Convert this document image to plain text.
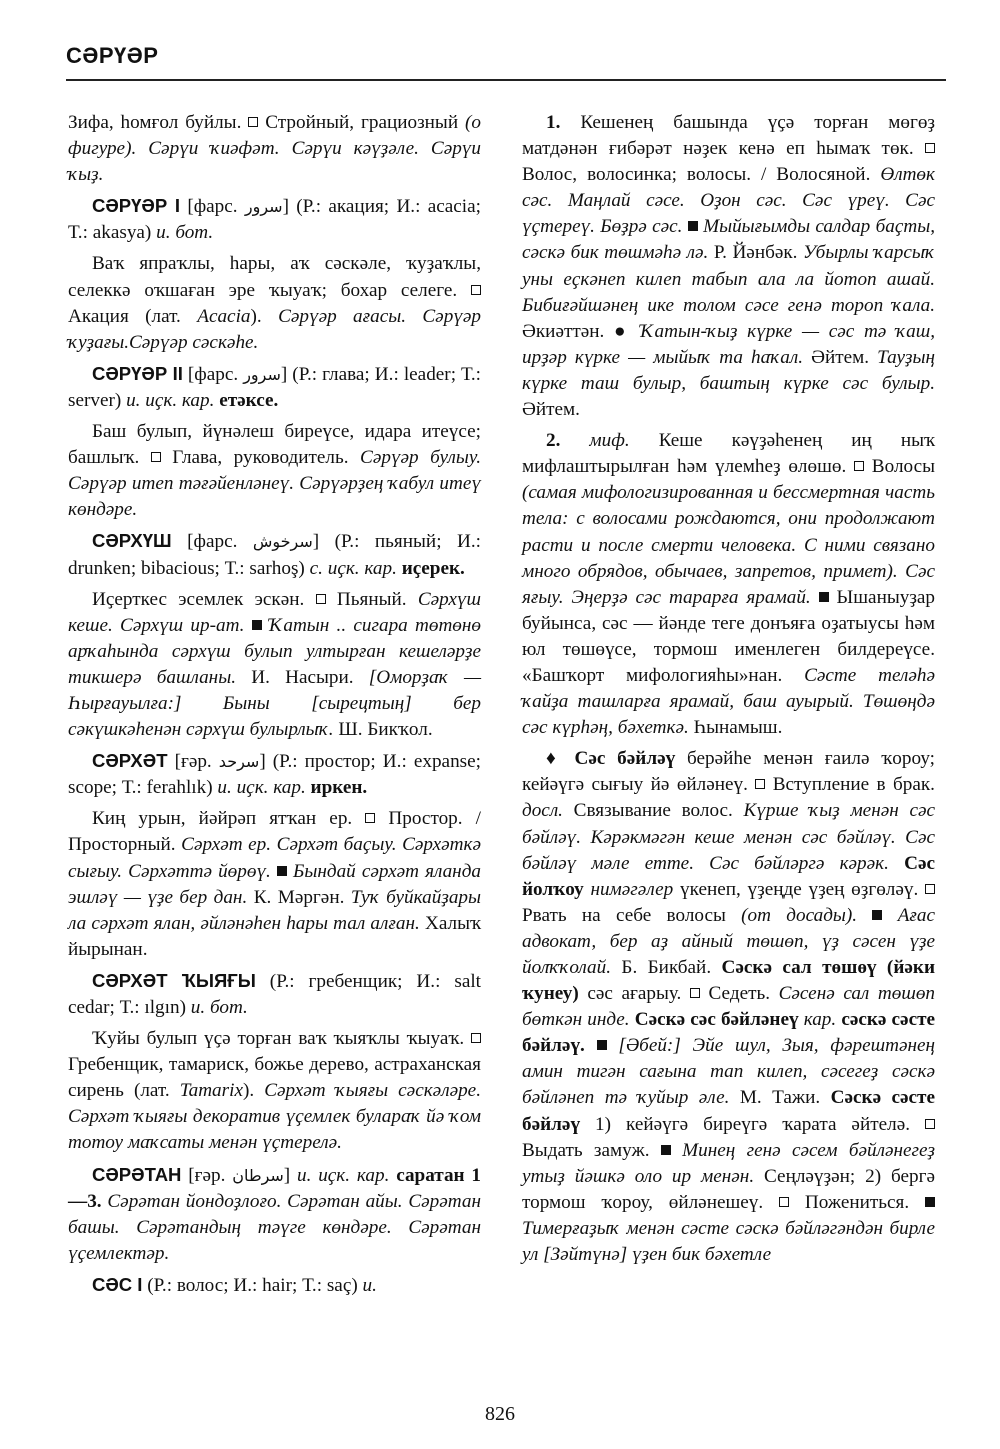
СӘРҮӘР

Зифа, һомғол буйлы.  Стройный, грациозный (о фигуре). Сәрүи ҡиәфәт. Сәрүи кәүҙәле. Сәрүи ҡыҙ.

СӘРҮӘР I [фарс. سرور] (Р.: акация; И.: acacia; Т.: akasya) и. бот.

Ваҡ япраҡлы, һары, аҡ сәскәле, ҡуҙаҡлы, селеккә оҡшаған эре ҡыуаҡ; бохар селеге.  Акация (лат. Acacia). Сәрүәр ағасы. Сәрүәр ҡуҙағы.Сәрүәр сәскәһе.

СӘРҮӘР II [фарс. سرور] (Р.: глава; И.: leader; Т.: server) и. иҫк. кар. етәксе.

Баш булып, йүнәлеш биреүсе, идара итеүсе; башлыҡ.  Глава, руководитель. Сәрүәр булыу. Сәрүәр итеп тәғәйенләнеү. Сәрүәрҙең ҡабул итеү көндәре.

СӘРХҮШ [фарс. سرخوش] (Р.: пьяный; И.: drunken; bibacious; Т.: sarhoş) с. иҫк. кар. иҫерек.

Иҫерткес эсемлек эскән.  Пьяный. Сәрхүш кеше. Сәрхүш ир-ат. Ҡатын .. сигара төтөнө арҡаһында сәрхүш булып ултырған кешеләрҙе тикшерә башланы. И. Насыри. [Оморҙаҡ — Һырғауылға:] Быны [сырецтың] бер сәкүшкәһенән сәрхүш булырлыҡ. Ш. Бикҡол.

СӘРХӘТ [ғәр. سرحد] (Р.: простор; И.: expanse; scope; Т.: ferahlık) и. иҫк. кар. иркен.

Киң урын, йәйрәп ятҡан ер.  Простор. / Просторный. Сәрхәт ер. Сәрхәт баҫыу. Сәрхәткә сығыу. Сәрхәттә йөрөү. Бындай сәрхәт яланда эшләү — үҙе бер дан. К. Мәргән. Туҡ буйкайҙары ла сәрхәт ялан, әйләнәһен һары тал алған. Халыҡ йырынан.

СӘРХӘТ ҠЫЯҒЫ (Р.: гребенщик; И.: salt cedar; Т.: ılgın) и. бот.

Ҡуйы булып үҫә торған ваҡ ҡыяҡлы ҡыуаҡ.  Гребенщик, тамариск, божье дерево, астраханская сирень (лат. Tamarix). Сәрхәт ҡыяғы сәскәләре. Сәрхәт ҡыяғы декоратив үҫемлек булараҡ йә ҡом тотоу маҡсаты менән үҫтерелә.

СӘРӘТАН [ғәр. سرطان] и. иҫк. кар. саратан 1—3. Сәрәтан йондоҙлоғо. Сәрәтан айы. Сәрәтан башы. Сәрәтандың тәүге көндәре. Сәрәтан үҫемлектәр.

СӘС I (Р.: волос; И.: hair; Т.: saç) и.

1. Кешенең башында үҫә торған мөгөҙ матдәнән ғибәрәт нәҙек кенә еп һымаҡ төк.  Волос, волосинка; волосы. / Волосяной. Өлтөк сәс. Маңлай сәсе. Оҙон сәс. Сәс үреү. Сәс үҫтереү. Бөҙрә сәс. Мыйығымды салдар баҫты, сәскә бик төшмәһә лә. Р. Йәнбәк. Убырлы ҡарсыҡ уны еҫкәнеп килеп табып ала ла йотоп ашай. Бибиғәйшәнең ике толом сәсе генә тороп ҡала. Әкиәттән. ● Ҡатын-ҡыҙ күрке — сәс тә ҡаш, ирҙәр күрке — мыйыҡ та һаҡал. Әйтем. Тауҙың күрке таш булыр, баштың күрке сәс булыр. Әйтем.

2. миф. Кеше кәүҙәһенең иң ныҡ мифлаштырылған һәм үлемһеҙ өлөшө.  Волосы (самая мифологизированная и бессмертная часть тела: с волосами рождаются, они продолжают расти и после смерти человека. С ними связано много обрядов, обычаев, запретов, примет). Сәс яғыу. Эңерҙә сәс тарарға ярамай.  Ышаныуҙар буйынса, сәс — йәнде теге донъяға оҙатыусы һәм юл төшөүсе, тормош именлеген билдереүсе. «Башҡорт мифологияһы»нан. Сәсте теләһә ҡайҙа ташларға ярамай, баш ауырый. Төшөңдә сәс күрһәң, бәхеткә. Һынамыш.

♦ Сәс бәйләү берәйһе менән ғаилә ҡороу; кейәүгә сығыу йә өйләнеү.  Вступление в брак. досл. Связывание волос. Күрше ҡыҙ менән сәс бәйләү. Кәрәкмәгән кеше менән сәс бәйләү. Сәс бәйләү мәле етте. Сәс бәйләргә кәрәк. Сәс йолҡоу нимәгәлер үкенеп, үҙеңде үҙең өҙгөләү.  Рвать на себе волосы (от досады). Ағас адвокат, бер аҙ айный төшөп, үҙ сәсен үҙе йолҡҡолай. Б. Бикбай. Сәскә сал төшөү (йәки ҡунеу) сәс ағарыу.  Седеть. Сәсенә сал төшөп бөткән инде. Сәскә сәс бәйләнеү кар. сәскә сәсте бәйләү. [Әбей:] Эйе шул, Зыя, фәрештәнең амин тигән сағына тап килеп, сәсегеҙ сәскә бәйләнеп тә ҡуйыр әле. М. Тажи. Сәскә сәсте бәйләү 1) кейәүгә биреүгә ҡарата әйтелә.  Выдать замуж.  Минең генә сәсем бәйләнегеҙ утыҙ йәшкә оло ир менән. Сеңләүҙән; 2) бергә тормош ҡороу, өйләнешеү.  Пожениться.  Тимерғаҙыҡ менән сәсте сәскә бәйләгәндән бирле ул [Зәйтүнә] үҙен бик бәхетле

826
